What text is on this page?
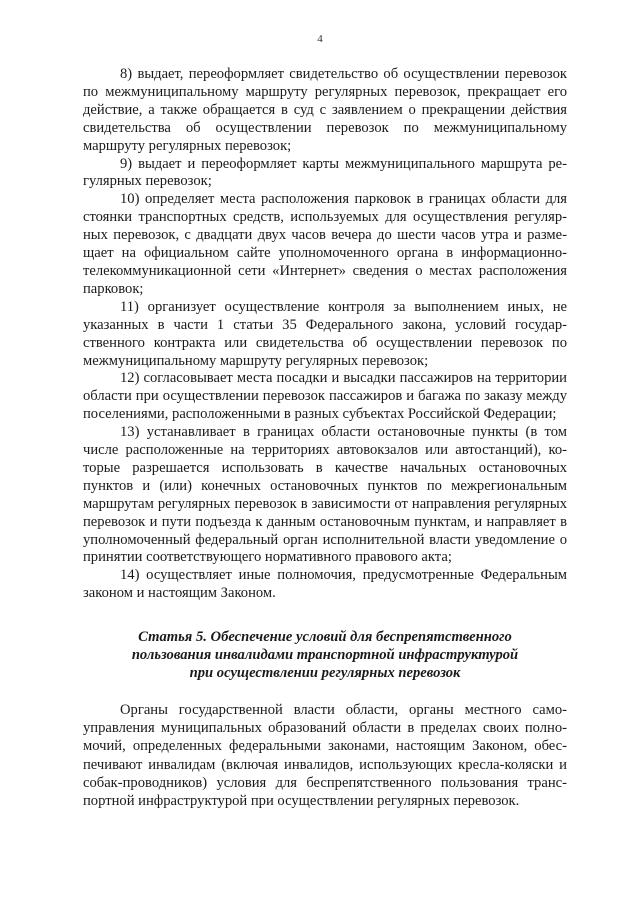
4

8) выдает, переоформляет свидетельство об осуществлении перевозок по межмуниципальному маршруту регулярных перевозок, прекращает его действие, а также обращается в суд с заявлением о прекращении действия свидетельства об осуществлении перевозок по межмуниципальному маршруту регулярных перевозок;

9) выдает и переоформляет карты межмуниципального маршрута регулярных перевозок;

10) определяет места расположения парковок в границах области для стоянки транспортных средств, используемых для осуществления регулярных перевозок, с двадцати двух часов вечера до шести часов утра и размещает на официальном сайте уполномоченного органа в информационно-телекоммуникационной сети «Интернет» сведения о местах расположения парковок;

11) организует осуществление контроля за выполнением иных, не указанных в части 1 статьи 35 Федерального закона, условий государственного контракта или свидетельства об осуществлении перевозок по межмуниципальному маршруту регулярных перевозок;

12) согласовывает места посадки и высадки пассажиров на территории области при осуществлении перевозок пассажиров и багажа по заказу между поселениями, расположенными в разных субъектах Российской Федерации;

13) устанавливает в границах области остановочные пункты (в том числе расположенные на территориях автовокзалов или автостанций), которые разрешается использовать в качестве начальных остановочных пунктов и (или) конечных остановочных пунктов по межрегиональным маршрутам регулярных перевозок в зависимости от направления регулярных перевозок и пути подъезда к данным остановочным пунктам, и направляет в уполномоченный федеральный орган исполнительной власти уведомление о принятии соответствующего нормативного правового акта;

14) осуществляет иные полномочия, предусмотренные Федеральным законом и настоящим Законом.

Статья 5. Обеспечение условий для беспрепятственного
пользования инвалидами транспортной инфраструктурой
при осуществлении регулярных перевозок

Органы государственной власти области, органы местного самоуправления муниципальных образований области в пределах своих полномочий, определенных федеральными законами, настоящим Законом, обеспечивают инвалидам (включая инвалидов, использующих кресла-коляски и собак-проводников) условия для беспрепятственного пользования транспортной инфраструктурой при осуществлении регулярных перевозок.
